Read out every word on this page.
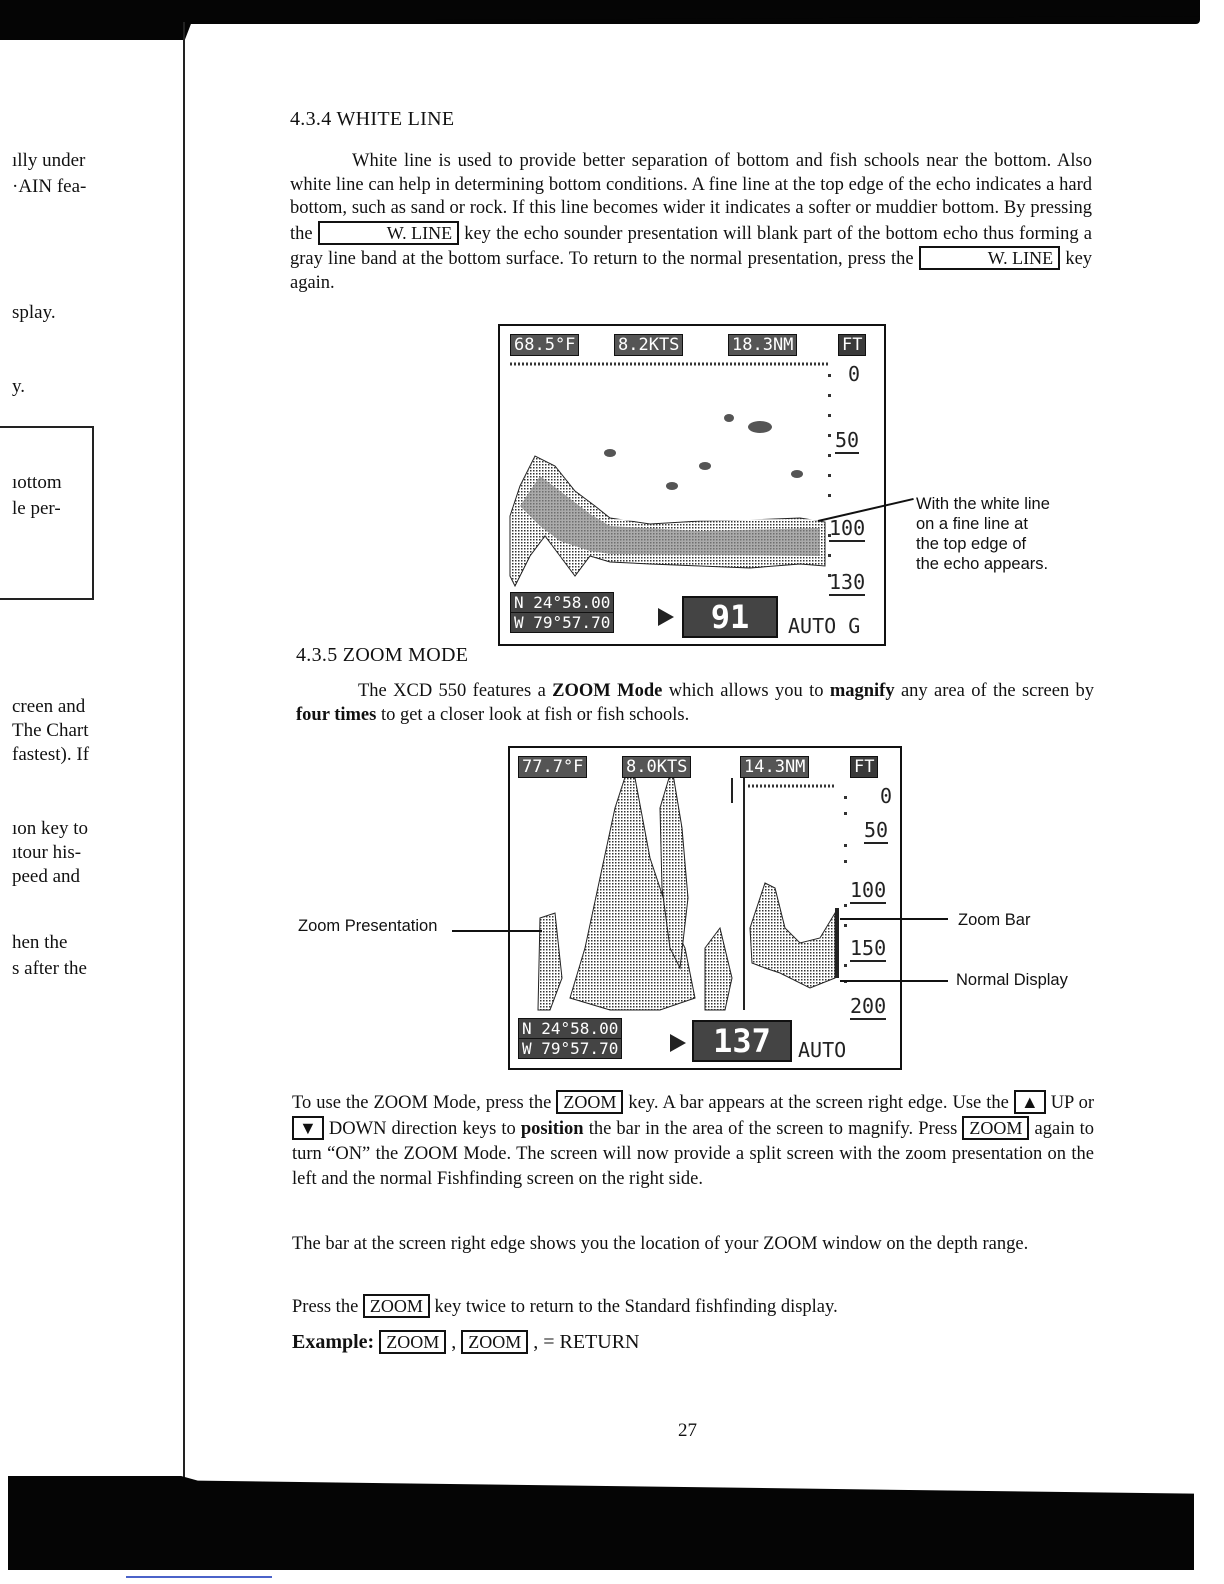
ılly under
·AIN fea-
splay.
y.
ıottom
le per-
сreen and
The Chart
fastest). If
ıon key to
ıtour his-
peed and
hen the
ѕ after the
4.3.4 WHITE LINE

White line is used to provide better separation of bottom and fish schools near the bottom. Also white line can help in determining bottom conditions. A fine line at the top edge of the echo indicates a hard bottom, such as sand or rock. If this line becomes wider it indicates a softer or muddier bottom. By pressing the	W. LINE key the echo sounder presentation will blank part of the bottom echo thus forming a gray line band at the bottom surface. To return to the normal presentation, press the	W. LINE key again.

68.5°F	8.2KTS	18.3NM	FT
0
50
100
130
N 24°58.00
W 79°57.70	91	AUTO G
With the white line
on a fine line at
the top edge of
the echo appears.
4.3.5 ZOOM MODE

The XCD 550 features a ZOOM Mode which allows you to magnify any area of the screen by four times to get a closer look at fish or fish schools.

77.7°F	8.0KTS	14.3NM	FT
0
50
100
150
200
N 24°58.00
W 79°57.70	137	AUTO
Zoom Presentation	Zoom Bar
Normal Display

To use the ZOOM Mode, press the ZOOM key. A bar appears at the screen right edge. Use the ▲ UP or ▼ DOWN direction keys to position the bar in the area of the screen to magnify. Press ZOOM again to turn “ON” the ZOOM Mode. The screen will now provide a split screen with the zoom presentation on the left and the normal Fishfinding screen on the right side.

The bar at the screen right edge shows you the location of your ZOOM window on the depth range.

Press the ZOOM key twice to return to the Standard fishfinding display.

Example: ZOOM , ZOOM , = RETURN

27
